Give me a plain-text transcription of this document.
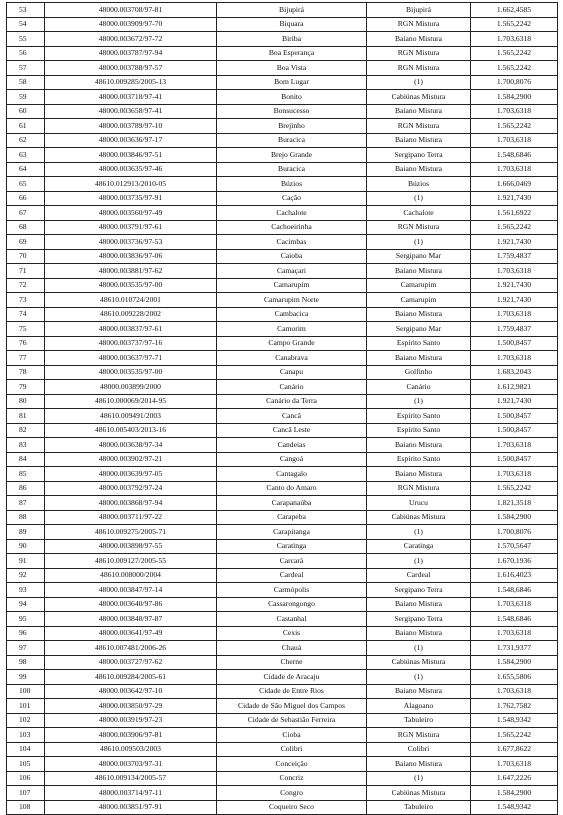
53	48000.003708/97-81	Bijupirá	Bijupirá	1.662,4585
54	48000.003909/97-70	Biquara	RGN Mistura	1.565,2242
55	48000.003672/97-72	Biriba	Baiano Mistura	1.703,6318
56	48000.003787/97-94	Boa Esperança	RGN Mistura	1.565,2242
57	48000.003788/97-57	Boa Vista	RGN Mistura	1.565,2242
58	48610.009285/2005-13	Bom Lugar	(1)	1.700,8076
59	48000.003718/97-41	Bonito	Cabiúnas Mistura	1.584,2900
60	48000.003658/97-41	Bonsucesso	Baiano Mistura	1.703,6318
61	48000.003789/97-10	Brejinho	RGN Mistura	1.565,2242
62	48000.003636/97-17	Buracica	Baiano Mistura	1.703,6318
63	48000.003846/97-51	Brejo Grande	Sergipano Terra	1.548,6846
64	48000.003635/97-46	Buracica	Baiano Mistura	1.703,6318
65	48610.012913/2010-05	Búzios	Búzios	1.666,0469
66	48000.003735/97-91	Cação	(1)	1.921,7430
67	48000.003560/97-49	Cachalote	Cachalote	1.561,6922
68	48000.003791/97-61	Cachoeirinha	RGN Mistura	1.565,2242
69	48000.003736/97-53	Cacimbas	(1)	1.921,7430
70	48000.003836/97-06	Caioba	Sergipano Mar	1.759,4837
71	48000.003881/97-62	Camaçari	Baiano Mistura	1.703,6318
72	48000.003535/97-00	Camarupim	Camarupim	1.921,7430
73	48610.010724/2001	Camarupim Norte	Camarupim	1.921,7430
74	48610.009228/2002	Cambacica	Baiano Mistura	1.703,6318
75	48000.003837/97-61	Camorim	Sergipano Mar	1.759,4837
76	48000.003737/97-16	Campo Grande	Espírito Santo	1.500,8457
77	48000.003637/97-71	Canabrava	Baiano Mistura	1.703,6318
78	48000.003535/97-00	Canapu	Golfinho	1.683,2043
79	48000.003899/2000	Canário	Canário	1.612,9821
80	48610.000069/2014-95	Canário da Terra	(1)	1.921,7430
81	48610.009491/2003	Cancã	Espírito Santo	1.500,8457
82	48610.005403/2013-16	Cancã Leste	Espírito Santo	1.500,8457
83	48000.003638/97-34	Candeias	Baiano Mistura	1.703,6318
84	48000.003902/97-21	Cangoá	Espírito Santo	1.500,8457
85	48000.003639/97-05	Cantagalo	Baiano Mistura	1.703,6318
86	48000.003792/97-24	Canto do Amaro	RGN Mistura	1.565,2242
87	48000.003868/97-94	Carapanaúba	Urucu	1.821,3518
88	48000.003711/97-22	Carapeba	Cabiúnas Mistura	1.584,2900
89	48610.009275/2005-71	Carapitanga	(1)	1.700,8076
90	48000.003898/97-55	Caratinga	Caratinga	1.570,5647
91	48610.009127/2005-55	Carcará	(1)	1.670,1936
92	48610.008000/2004	Cardeal	Cardeal	1.616,4023
93	48000.003847/97-14	Carmópolis	Sergipano Terra	1.548,6846
94	48000.003640/97-86	Cassarongongo	Baiano Mistura	1.703,6318
95	48000.003848/97-87	Castanhal	Sergipano Terra	1.548,6846
96	48000.003641/97-49	Cexis	Baiano Mistura	1.703,6318
97	48610.007481/2006-26	Chauá	(1)	1.731,9377
98	48000.003727/97-62	Cherne	Cabiúnas Mistura	1.584,2900
99	48610.009284/2005-61	Cidade de Aracaju	(1)	1.655,5806
100	48000.003642/97-10	Cidade de Entre Rios	Baiano Mistura	1.703,6318
101	48000.003850/97-29	Cidade de São Miguel dos Campos	Alagoano	1.762,7582
102	48000.003919/97-23	Cidade de Sebastião Ferreira	Tabuleiro	1.548,9342
103	48000.003906/97-81	Cioba	RGN Mistura	1.565,2242
104	48610.009503/2003	Colibri	Colibri	1.677,8622
105	48000.003703/97-31	Conceição	Baiano Mistura	1.703,6318
106	48610.009134/2005-57	Concriz	(1)	1.647,2226
107	48000.003714/97-11	Congro	Cabiúnas Mistura	1.584,2900
108	48000.003851/97-91	Coqueiro Seco	Tabuleiro	1.548,9342
